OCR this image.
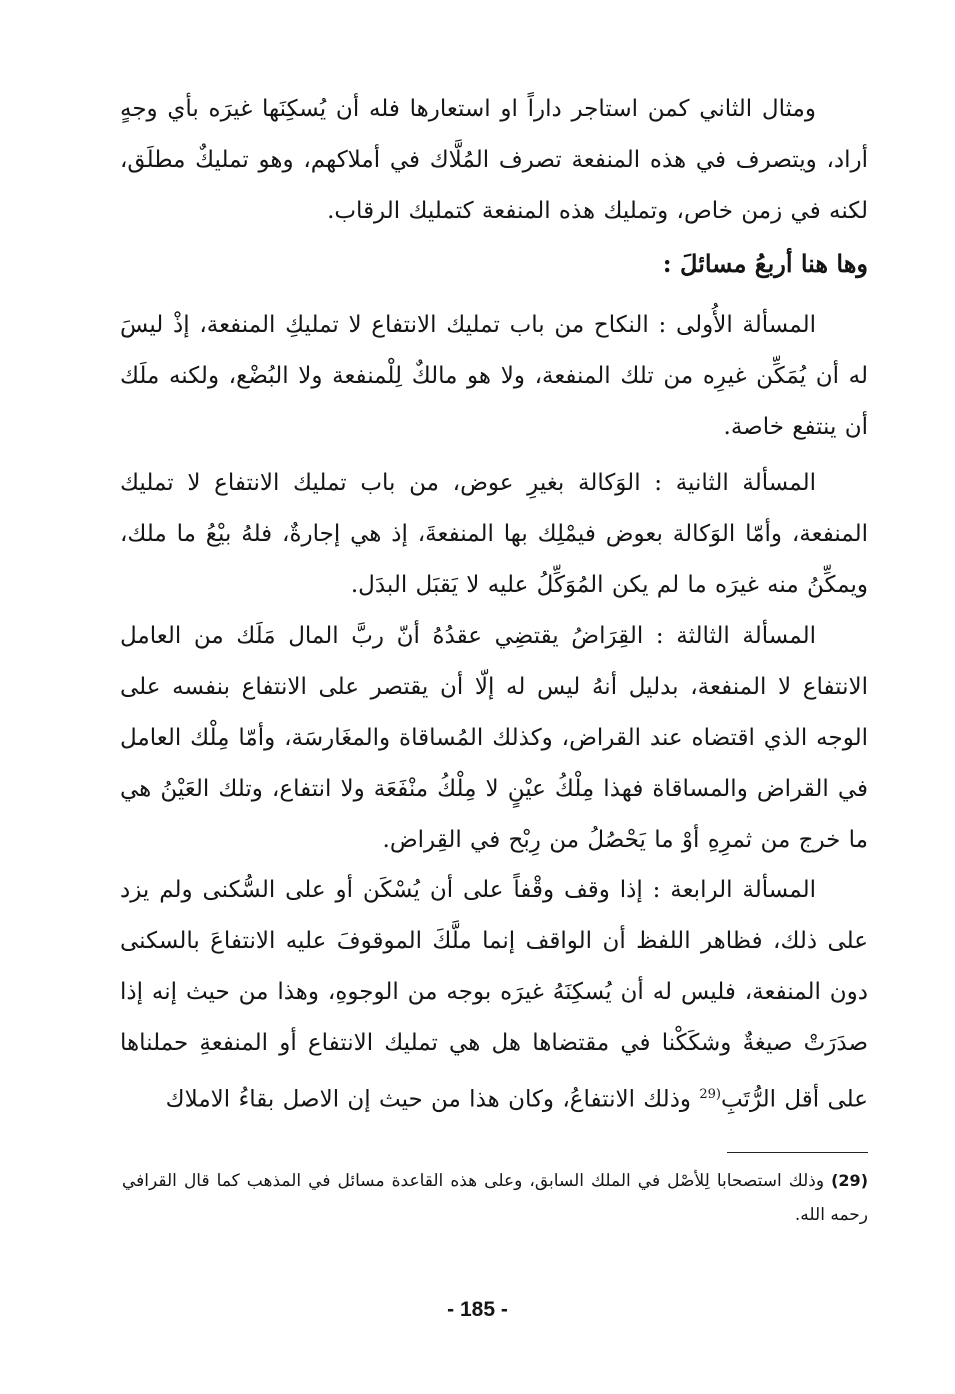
ومثال الثاني كمن استاجر داراً او استعارها فله أن يُسكِنَها غيرَه بأي وجهٍ أراد، ويتصرف في هذه المنفعة تصرف المُلَّاك في أملاكهم، وهو تمليكٌ مطلَق، لكنه في زمن خاص، وتمليك هذه المنفعة كتمليك الرقاب.

وها هنا أربعُ مسائلَ :

المسألة الأُولى : النكاح من باب تمليك الانتفاع لا تمليكِ المنفعة، إذْ ليسَ له أن يُمَكِّن غيرِه من تلك المنفعة، ولا هو مالكٌ لِلْمنفعة ولا البُضْع، ولكنه ملَك أن ينتفع خاصة.

المسألة الثانية : الوَكالة بغيرِ عوض، من باب تمليك الانتفاع لا تمليك المنفعة، وأمّا الوَكالة بعوض فيمْلِك بها المنفعةَ، إذ هي إجارةٌ، فلهُ بيْعُ ما ملك، ويمكِّنُ منه غيرَه ما لم يكن المُوَكِّلُ عليه لا يَقبَل البدَل.

المسألة الثالثة : القِرَاضُ يقتضِي عقدُهُ أنّ ربَّ المال مَلَك من العامل الانتفاع لا المنفعة، بدليل أنهُ ليس له إلّا أن يقتصر على الانتفاع بنفسه على الوجه الذي اقتضاه عند القراض، وكذلك المُساقاة والمغَارسَة، وأمّا مِلْك العامل في القراض والمساقاة فهذا مِلْكُ عيْنٍ لا مِلْكُ منْفَعَة ولا انتفاع، وتلك العَيْنُ هي ما خرج من ثمرِهِ أوْ ما يَحْصُلُ من رِبْح في القِراض.

المسألة الرابعة : إذا وقف وقْفاً على أن يُسْكَن أو على السُّكنى ولم يزد على ذلك، فظاهر اللفظ أن الواقف إنما ملَّكَ الموقوفَ عليه الانتفاعَ بالسكنى دون المنفعة، فليس له أن يُسكِنَهُ غيرَه بوجه من الوجوهِ، وهذا من حيث إنه إذا صدَرَتْ صيغةٌ وشكَكْنا في مقتضاها هل هي تمليك الانتفاع أو المنفعةِ حملناها على أقل الرُّتَبِ$^{(29}$ وذلك الانتفاعُ، وكان هذا من حيث إن الاصل بقاءُ الاملاك

(29) وذلك استصحابا لِلأصْل في الملك السابق، وعلى هذه القاعدة مسائل في المذهب كما قال القرافي رحمه الله.

- 185 -
